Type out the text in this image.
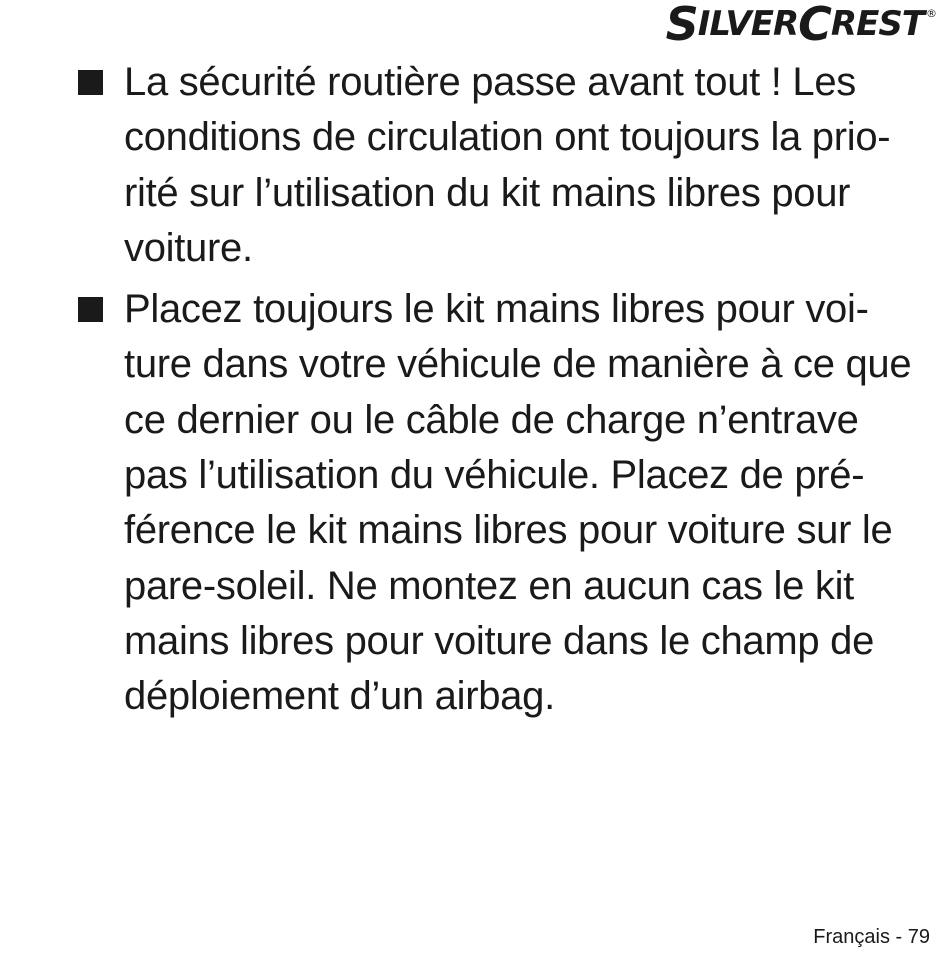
S ILVER C REST ®
La sécurité routière passe avant tout ! Les
conditions de circulation ont toujours la prio-
rité sur l’utilisation du kit mains libres pour
voiture.
Placez toujours le kit mains libres pour voi-
ture dans votre véhicule de manière à ce que
ce dernier ou le câble de charge n’entrave
pas l’utilisation du véhicule. Placez de pré-
férence le kit mains libres pour voiture sur le
pare-soleil. Ne montez en aucun cas le kit
mains libres pour voiture dans le champ de
déploiement d’un airbag.
Français - 79
